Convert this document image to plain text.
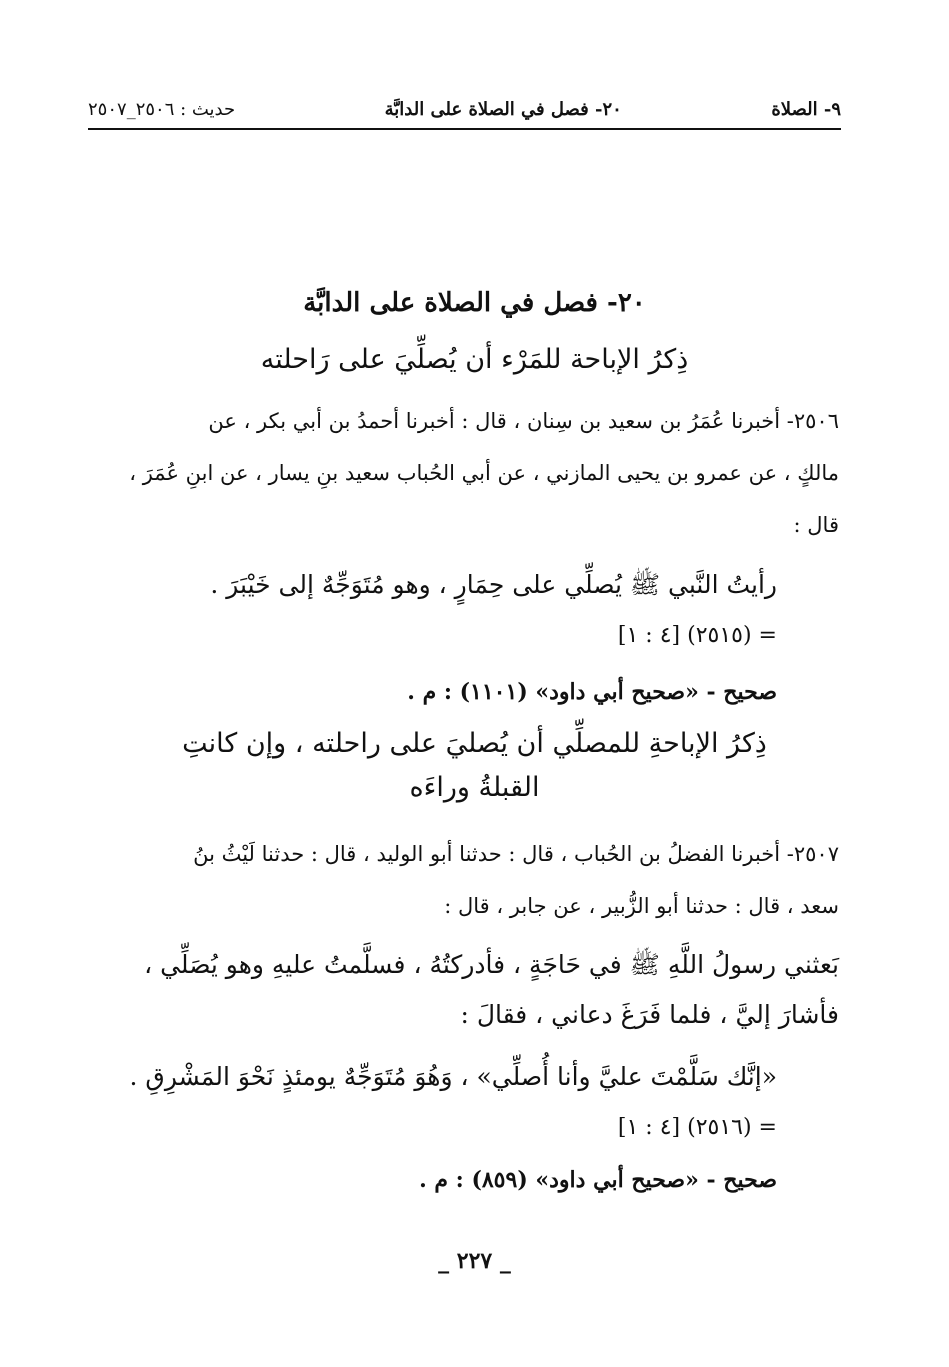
٩- الصلاة
٢٠- فصل في الصلاة على الدابَّة
حديث : ٢٥٠٦_٢٥٠٧
٢٠- فصل في الصلاة على الدابَّة
ذِكرُ الإباحة للمَرْء أن يُصلِّيَ على رَاحلته
٢٥٠٦- أخبرنا عُمَرُ بن سعيد بن سِنان ، قال : أخبرنا أحمدُ بن أبي بكر ، عن
مالكٍ ، عن عمرو بن يحيى المازني ، عن أبي الحُباب سعيد بنِ يسار ، عن ابنِ عُمَرَ ،
قال :
رأيتُ النَّبي ﷺ يُصلِّي على حِمَارٍ ، وهو مُتَوَجِّهٌ إلى خَيْبَرَ .
= (٢٥١٥) [٤ : ١]
صحيح - «صحيح أبي داود» (١١٠١) : م .
ذِكرُ الإباحةِ للمصلِّي أن يُصليَ على راحلته ، وإن كانتِ
القبلةُ وراءَه
٢٥٠٧- أخبرنا الفضلُ بن الحُباب ، قال : حدثنا أبو الوليد ، قال : حدثنا لَيْثُ بنُ
سعد ، قال : حدثنا أبو الزُّبير ، عن جابر ، قال :
بَعثني رسولُ اللَّهِ ﷺ في حَاجَةٍ ، فأدركتُهُ ، فسلَّمتُ عليهِ وهو يُصَلِّي ،
فأشارَ إليَّ ، فلما فَرَغَ دعاني ، فقالَ :
«إنَّك سَلَّمْتَ عليَّ وأنا أُصلِّي» ، وَهُوَ مُتَوَجِّهٌ يومئذٍ نَحْوَ المَشْرِقِ .
= (٢٥١٦) [٤ : ١]
صحيح - «صحيح أبي داود» (٨٥٩) : م .
_ ٢٢٧ _
